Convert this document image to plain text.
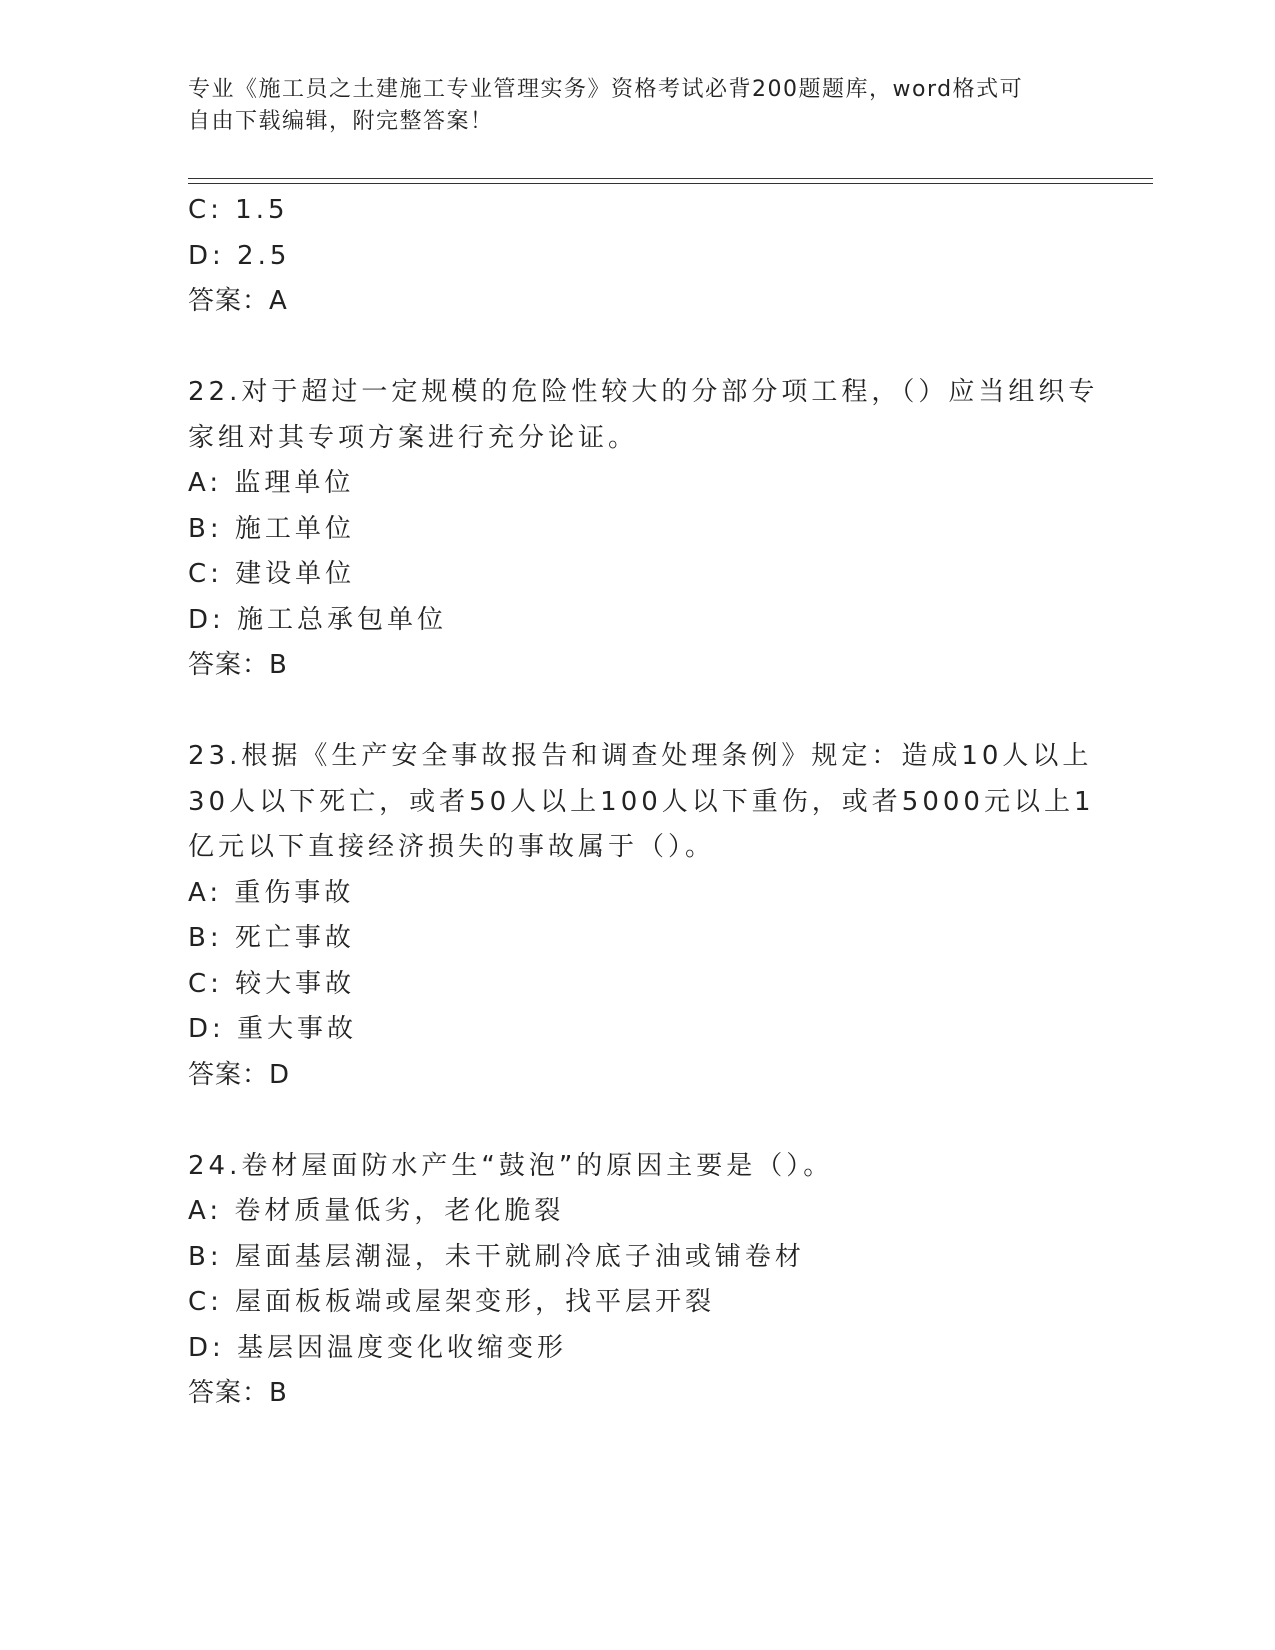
专业《施工员之土建施工专业管理实务》资格考试必背200题题库，word格式可
自由下载编辑，附完整答案！
C: 1.5
D: 2.5
答案：A
22.对于超过一定规模的危险性较大的分部分项工程，（）应当组织专
家组对其专项方案进行充分论证。
A: 监理单位
B: 施工单位
C: 建设单位
D: 施工总承包单位
答案：B
23.根据《生产安全事故报告和调查处理条例》规定：造成10人以上
30人以下死亡，或者50人以上100人以下重伤，或者5000元以上1
亿元以下直接经济损失的事故属于（）。
A: 重伤事故
B: 死亡事故
C: 较大事故
D: 重大事故
答案：D
24.卷材屋面防水产生“鼓泡”的原因主要是（）。
A: 卷材质量低劣，老化脆裂
B: 屋面基层潮湿，未干就刷冷底子油或铺卷材
C: 屋面板板端或屋架变形，找平层开裂
D: 基层因温度变化收缩变形
答案：B
